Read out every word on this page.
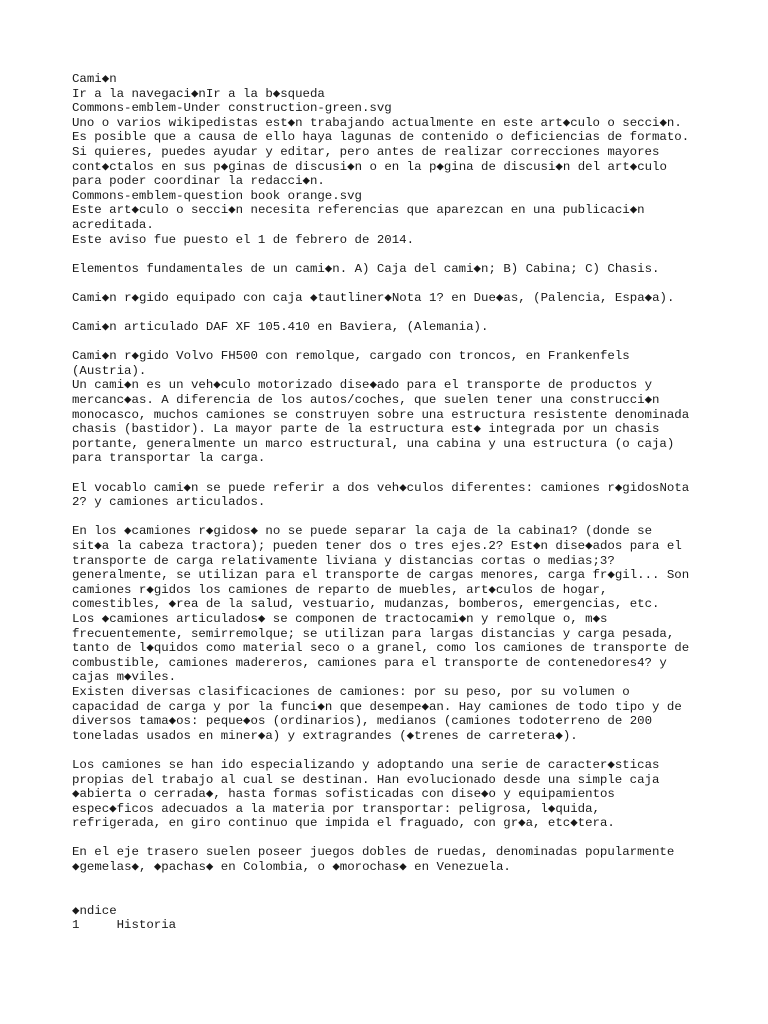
Cami◆n
Ir a la navegaci◆nIr a la b◆squeda
Commons-emblem-Under construction-green.svg
Uno o varios wikipedistas est◆n trabajando actualmente en este art◆culo o secci◆n.
Es posible que a causa de ello haya lagunas de contenido o deficiencias de formato.
Si quieres, puedes ayudar y editar, pero antes de realizar correcciones mayores
cont◆ctalos en sus p◆ginas de discusi◆n o en la p◆gina de discusi◆n del art◆culo
para poder coordinar la redacci◆n.
Commons-emblem-question book orange.svg
Este art◆culo o secci◆n necesita referencias que aparezcan en una publicaci◆n
acreditada.
Este aviso fue puesto el 1 de febrero de 2014.
Elementos fundamentales de un cami◆n. A) Caja del cami◆n; B) Cabina; C) Chasis.
Cami◆n r◆gido equipado con caja ◆tautliner◆Nota 1? en Due◆as, (Palencia, Espa◆a).
Cami◆n articulado DAF XF 105.410 en Baviera, (Alemania).
Cami◆n r◆gido Volvo FH500 con remolque, cargado con troncos, en Frankenfels
(Austria).
Un cami◆n es un veh◆culo motorizado dise◆ado para el transporte de productos y
mercanc◆as. A diferencia de los autos/coches, que suelen tener una construcci◆n
monocasco, muchos camiones se construyen sobre una estructura resistente denominada
chasis (bastidor). La mayor parte de la estructura est◆ integrada por un chasis
portante, generalmente un marco estructural, una cabina y una estructura (o caja)
para transportar la carga.
El vocablo cami◆n se puede referir a dos veh◆culos diferentes: camiones r◆gidosNota
2? y camiones articulados.
En los ◆camiones r◆gidos◆ no se puede separar la caja de la cabina1? (donde se
sit◆a la cabeza tractora); pueden tener dos o tres ejes.2? Est◆n dise◆ados para el
transporte de carga relativamente liviana y distancias cortas o medias;3?
generalmente, se utilizan para el transporte de cargas menores, carga fr◆gil... Son
camiones r◆gidos los camiones de reparto de muebles, art◆culos de hogar,
comestibles, ◆rea de la salud, vestuario, mudanzas, bomberos, emergencias, etc.
Los ◆camiones articulados◆ se componen de tractocami◆n y remolque o, m◆s
frecuentemente, semirremolque; se utilizan para largas distancias y carga pesada,
tanto de l◆quidos como material seco o a granel, como los camiones de transporte de
combustible, camiones madereros, camiones para el transporte de contenedores4? y
cajas m◆viles.
Existen diversas clasificaciones de camiones: por su peso, por su volumen o
capacidad de carga y por la funci◆n que desempe◆an. Hay camiones de todo tipo y de
diversos tama◆os: peque◆os (ordinarios), medianos (camiones todoterreno de 200
toneladas usados en miner◆a) y extragrandes (◆trenes de carretera◆).
Los camiones se han ido especializando y adoptando una serie de caracter◆sticas
propias del trabajo al cual se destinan. Han evolucionado desde una simple caja
◆abierta o cerrada◆, hasta formas sofisticadas con dise◆o y equipamientos
espec◆ficos adecuados a la materia por transportar: peligrosa, l◆quida,
refrigerada, en giro continuo que impida el fraguado, con gr◆a, etc◆tera.
En el eje trasero suelen poseer juegos dobles de ruedas, denominadas popularmente
◆gemelas◆, ◆pachas◆ en Colombia, o ◆morochas◆ en Venezuela.
◆ndice
1     Historia
